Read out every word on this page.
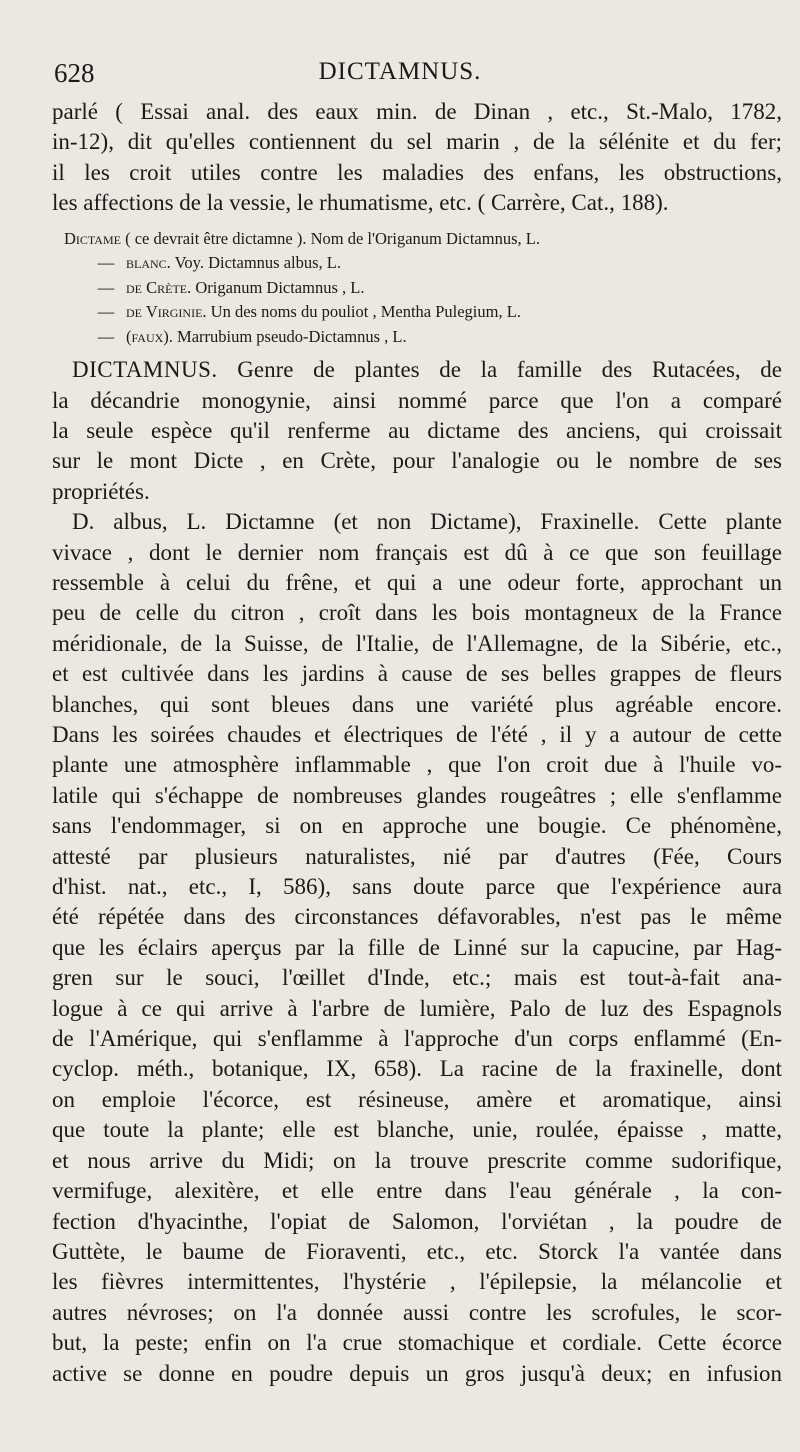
628	DICTAMNUS.

parlé ( Essai anal. des eaux min. de Dinan , etc., St.-Malo, 1782,

in-12), dit qu'elles contiennent du sel marin , de la sélénite et du fer;

il les croit utiles contre les maladies des enfans, les obstructions,

les affections de la vessie, le rhumatisme, etc. ( Carrère, Cat., 188).

Dictame ( ce devrait être dictamne ). Nom de l'Origanum Dictamnus, L.
— blanc. Voy. Dictamnus albus, L.
— de Crète. Origanum Dictamnus , L.
— de Virginie. Un des noms du pouliot , Mentha Pulegium, L.
— (faux). Marrubium pseudo-Dictamnus , L.

DICTAMNUS. Genre de plantes de la famille des Rutacées, de

la décandrie monogynie, ainsi nommé parce que l'on a comparé

la seule espèce qu'il renferme au dictame des anciens, qui croissait

sur le mont Dicte , en Crète, pour l'analogie ou le nombre de ses

propriétés.

D. albus, L. Dictamne (et non Dictame), Fraxinelle. Cette plante

vivace , dont le dernier nom français est dû à ce que son feuillage

ressemble à celui du frêne, et qui a une odeur forte, approchant un

peu de celle du citron , croît dans les bois montagneux de la France

méridionale, de la Suisse, de l'Italie, de l'Allemagne, de la Sibérie, etc.,

et est cultivée dans les jardins à cause de ses belles grappes de fleurs

blanches, qui sont bleues dans une variété plus agréable encore.

Dans les soirées chaudes et électriques de l'été , il y a autour de cette

plante une atmosphère inflammable , que l'on croit due à l'huile vo-

latile qui s'échappe de nombreuses glandes rougeâtres ; elle s'enflamme

sans l'endommager, si on en approche une bougie. Ce phénomène,

attesté par plusieurs naturalistes, nié par d'autres (Fée, Cours

d'hist. nat., etc., I, 586), sans doute parce que l'expérience aura

été répétée dans des circonstances défavorables, n'est pas le même

que les éclairs aperçus par la fille de Linné sur la capucine, par Hag-

gren sur le souci, l'œillet d'Inde, etc.; mais est tout-à-fait ana-

logue à ce qui arrive à l'arbre de lumière, Palo de luz des Espagnols

de l'Amérique, qui s'enflamme à l'approche d'un corps enflammé (En-

cyclop. méth., botanique, IX, 658). La racine de la fraxinelle, dont

on emploie l'écorce, est résineuse, amère et aromatique, ainsi

que toute la plante; elle est blanche, unie, roulée, épaisse , matte,

et nous arrive du Midi; on la trouve prescrite comme sudorifique,

vermifuge, alexitère, et elle entre dans l'eau générale , la con-

fection d'hyacinthe, l'opiat de Salomon, l'orviétan , la poudre de

Guttète, le baume de Fioraventi, etc., etc. Storck l'a vantée dans

les fièvres intermittentes, l'hystérie , l'épilepsie, la mélancolie et

autres névroses; on l'a donnée aussi contre les scrofules, le scor-

but, la peste; enfin on l'a crue stomachique et cordiale. Cette écorce

active se donne en poudre depuis un gros jusqu'à deux; en infusion
